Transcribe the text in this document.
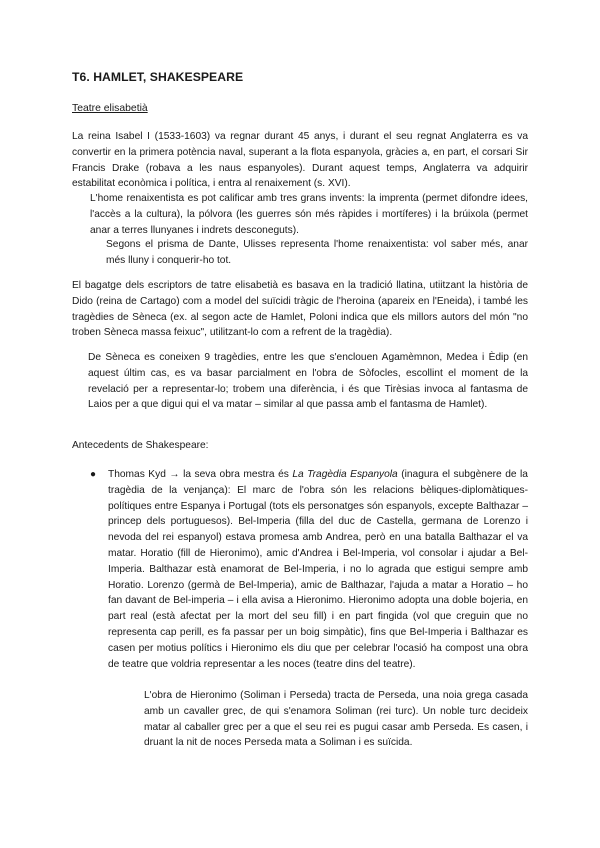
T6. HAMLET, SHAKESPEARE
Teatre elisabetià

La reina Isabel I (1533-1603) va regnar durant 45 anys, i durant el seu regnat Anglaterra es va convertir en la primera potència naval, superant a la flota espanyola, gràcies a, en part, el corsari Sir Francis Drake (robava a les naus espanyoles). Durant aquest temps, Anglaterra va adquirir estabilitat econòmica i política, i entra al renaixement (s. XVI).

L'home renaixentista es pot calificar amb tres grans invents: la imprenta (permet difondre idees, l'accès a la cultura), la pólvora (les guerres són més ràpides i mortíferes) i la brúixola (permet anar a terres llunyanes i indrets desconeguts).

Segons el prisma de Dante, Ulisses representa l'home renaixentista: vol saber més, anar més lluny i conquerir-ho tot.

El bagatge dels escriptors de tatre elisabetià es basava en la tradició llatina, utiitzant la història de Dido (reina de Cartago) com a model del suïcidi tràgic de l'heroina (apareix en l'Eneida), i també les tragèdies de Sèneca (ex. al segon acte de Hamlet, Poloni indica que els millors autors del món "no troben Sèneca massa feixuc", utilitzant-lo com a refrent de la tragèdia).

De Sèneca es coneixen 9 tragèdies, entre les que s'enclouen Agamèmnon, Medea i Èdip (en aquest últim cas, es va basar parcialment en l'obra de Sòfocles, escollint el moment de la revelació per a representar-lo; trobem una diferència, i és que Tirèsias invoca al fantasma de Laios per a que digui qui el va matar – similar al que passa amb el fantasma de Hamlet).

Antecedents de Shakespeare:

● Thomas Kyd → la seva obra mestra és La Tragèdia Espanyola (inagura el subgènere de la tragèdia de la venjança): El marc de l'obra són les relacions bèliques-diplomàtiques-polítiques entre Espanya i Portugal (tots els personatges són espanyols, excepte Balthazar – princep dels portuguesos). Bel-Imperia (filla del duc de Castella, germana de Lorenzo i nevoda del rei espanyol) estava promesa amb Andrea, però en una batalla Balthazar el va matar. Horatio (fill de Hieronimo), amic d'Andrea i Bel-Imperia, vol consolar i ajudar a Bel-Imperia. Balthazar està enamorat de Bel-Imperia, i no lo agrada que estigui sempre amb Horatio. Lorenzo (germà de Bel-Imperia), amic de Balthazar, l'ajuda a matar a Horatio – ho fan davant de Bel-imperia – i ella avisa a Hieronimo. Hieronimo adopta una doble bojeria, en part real (està afectat per la mort del seu fill) i en part fingida (vol que creguin que no representa cap perill, es fa passar per un boig simpàtic), fins que Bel-Imperia i Balthazar es casen per motius polítics i Hieronimo els diu que per celebrar l'ocasió ha compost una obra de teatre que voldria representar a les noces (teatre dins del teatre).

L'obra de Hieronimo (Soliman i Perseda) tracta de Perseda, una noia grega casada amb un cavaller grec, de qui s'enamora Soliman (rei turc). Un noble turc decideix matar al caballer grec per a que el seu rei es pugui casar amb Perseda. Es casen, i druant la nit de noces Perseda mata a Soliman i es suïcida.
